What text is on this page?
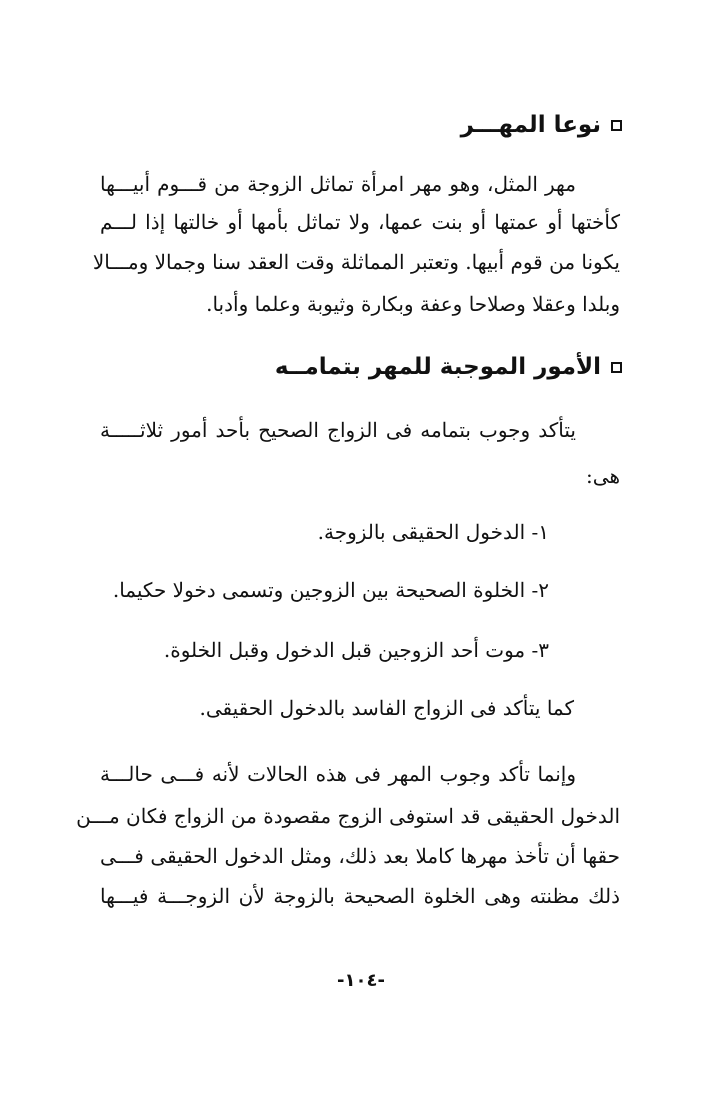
نوعا المهـــر
مهر المثل، وهو مهر امرأة تماثل الزوجة من قـــوم أبيـــها
كأختها أو عمتها أو بنت عمها، ولا تماثل بأمها أو خالتها إذا لـــم
يكونا من قوم أبيها. وتعتبر المماثلة وقت العقد سنا وجمالا ومـــالا
وبلدا وعقلا وصلاحا وعفة وبكارة وثيوبة وعلما وأدبا.
الأمور الموجبة للمهر بتمامــه
يتأكد وجوب بتمامه فى الزواج الصحيح بأحد أمور ثلاثـــــة
هى:
١- الدخول الحقيقى بالزوجة.
٢- الخلوة الصحيحة بين الزوجين وتسمى دخولا حكيما.
٣- موت أحد الزوجين قبل الدخول وقبل الخلوة.
كما يتأكد فى الزواج الفاسد بالدخول الحقيقى.
وإنما تأكد وجوب المهر فى هذه الحالات لأنه فـــى حالـــة
الدخول الحقيقى قد استوفى الزوج مقصودة من الزواج فكان مـــن
حقها أن تأخذ مهرها كاملا بعد ذلك، ومثل الدخول الحقيقى فـــى
ذلك مظنته وهى الخلوة الصحيحة بالزوجة لأن الزوجـــة فيـــها
-١٠٤-
